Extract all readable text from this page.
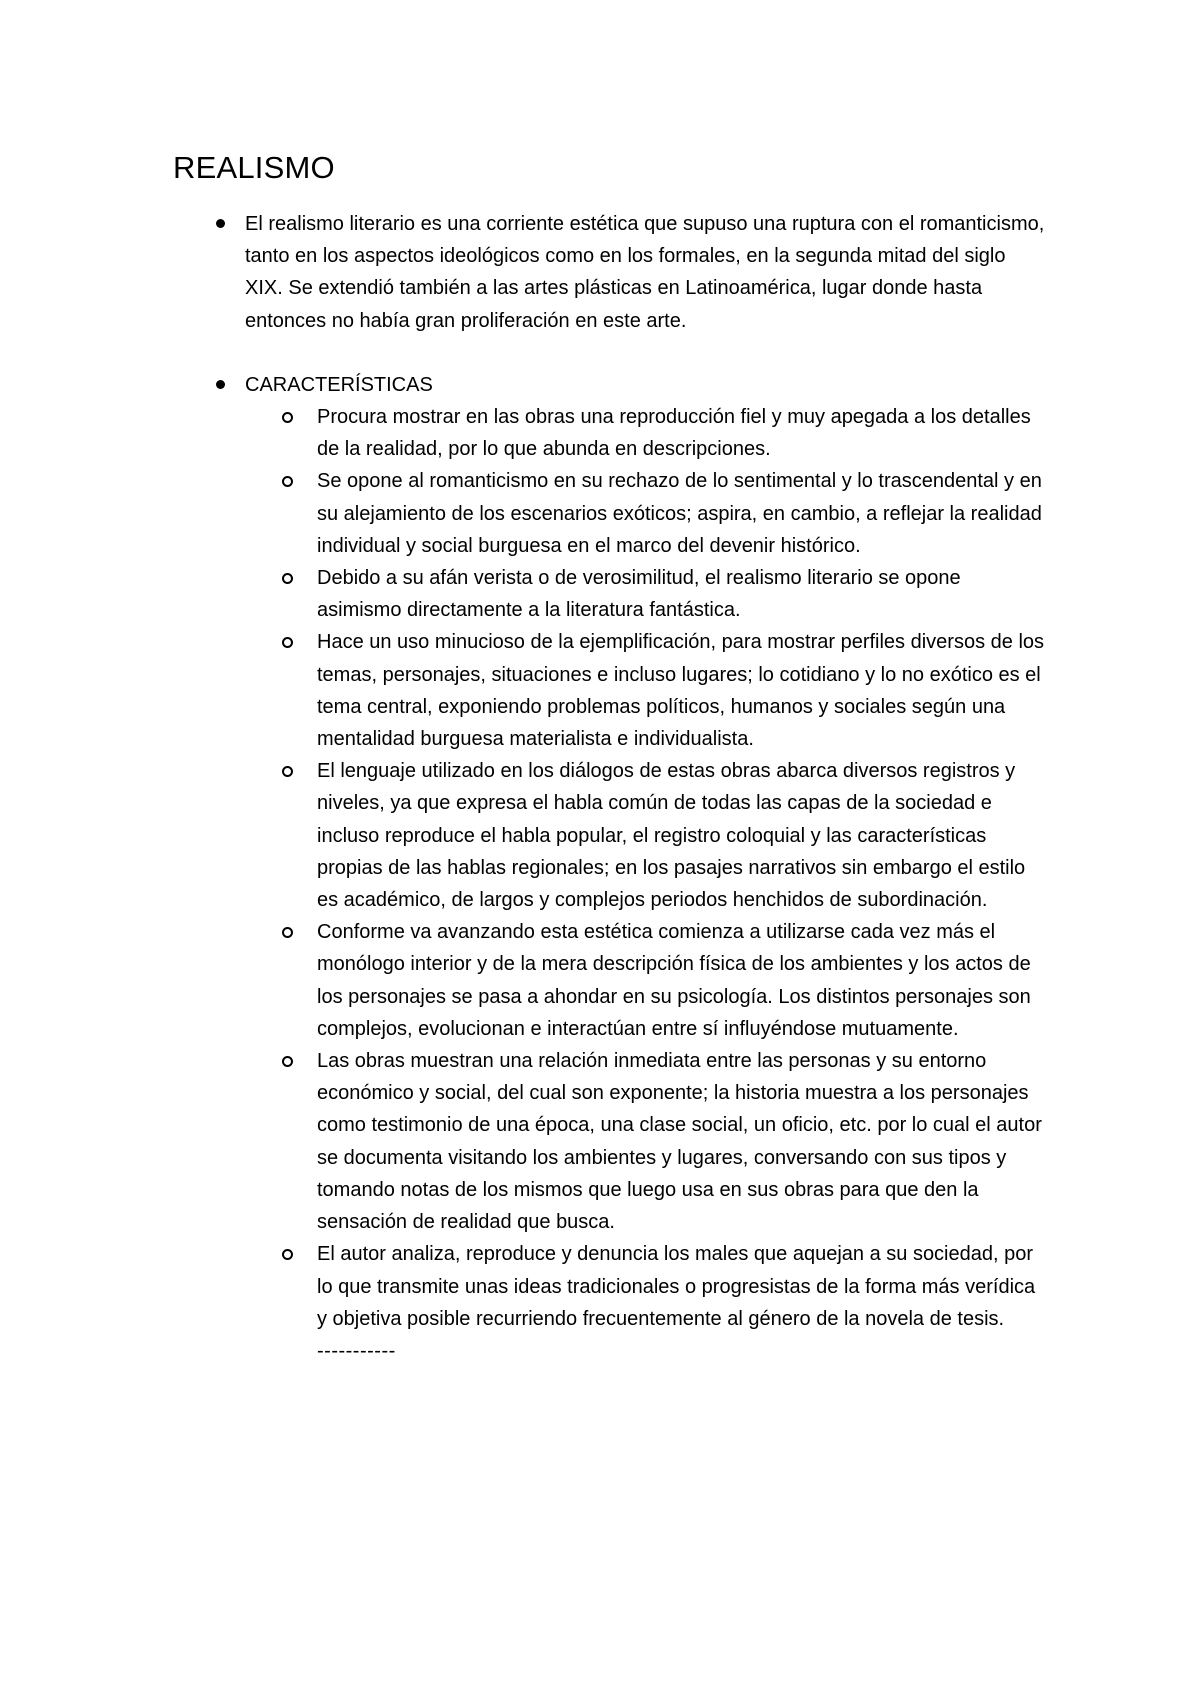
REALISMO
El realismo literario es una corriente estética que supuso una ruptura con el romanticismo, tanto en los aspectos ideológicos como en los formales, en la segunda mitad del siglo XIX. Se extendió también a las artes plásticas en Latinoamérica, lugar donde hasta entonces no había gran proliferación en este arte.
CARACTERÍSTICAS
Procura mostrar en las obras una reproducción fiel y muy apegada a los detalles de la realidad, por lo que abunda en descripciones.
Se opone al romanticismo en su rechazo de lo sentimental y lo trascendental y en su alejamiento de los escenarios exóticos; aspira, en cambio, a reflejar la realidad individual y social burguesa en el marco del devenir histórico.
Debido a su afán verista o de verosimilitud, el realismo literario se opone asimismo directamente a la literatura fantástica.
Hace un uso minucioso de la ejemplificación, para mostrar perfiles diversos de los temas, personajes, situaciones e incluso lugares; lo cotidiano y lo no exótico es el tema central, exponiendo problemas políticos, humanos y sociales según una mentalidad burguesa materialista e individualista.
El lenguaje utilizado en los diálogos de estas obras abarca diversos registros y niveles, ya que expresa el habla común de todas las capas de la sociedad e incluso reproduce el habla popular, el registro coloquial y las características propias de las hablas regionales; en los pasajes narrativos sin embargo el estilo es académico, de largos y complejos periodos henchidos de subordinación.
Conforme va avanzando esta estética comienza a utilizarse cada vez más el monólogo interior y de la mera descripción física de los ambientes y los actos de los personajes se pasa a ahondar en su psicología. Los distintos personajes son complejos, evolucionan e interactúan entre sí influyéndose mutuamente.
Las obras muestran una relación inmediata entre las personas y su entorno económico y social, del cual son exponente; la historia muestra a los personajes como testimonio de una época, una clase social, un oficio, etc. por lo cual el autor se documenta visitando los ambientes y lugares, conversando con sus tipos y tomando notas de los mismos que luego usa en sus obras para que den la sensación de realidad que busca.
El autor analiza, reproduce y denuncia los males que aquejan a su sociedad, por lo que transmite unas ideas tradicionales o progresistas de la forma más verídica y objetiva posible recurriendo frecuentemente al género de la novela de tesis.
-----------
